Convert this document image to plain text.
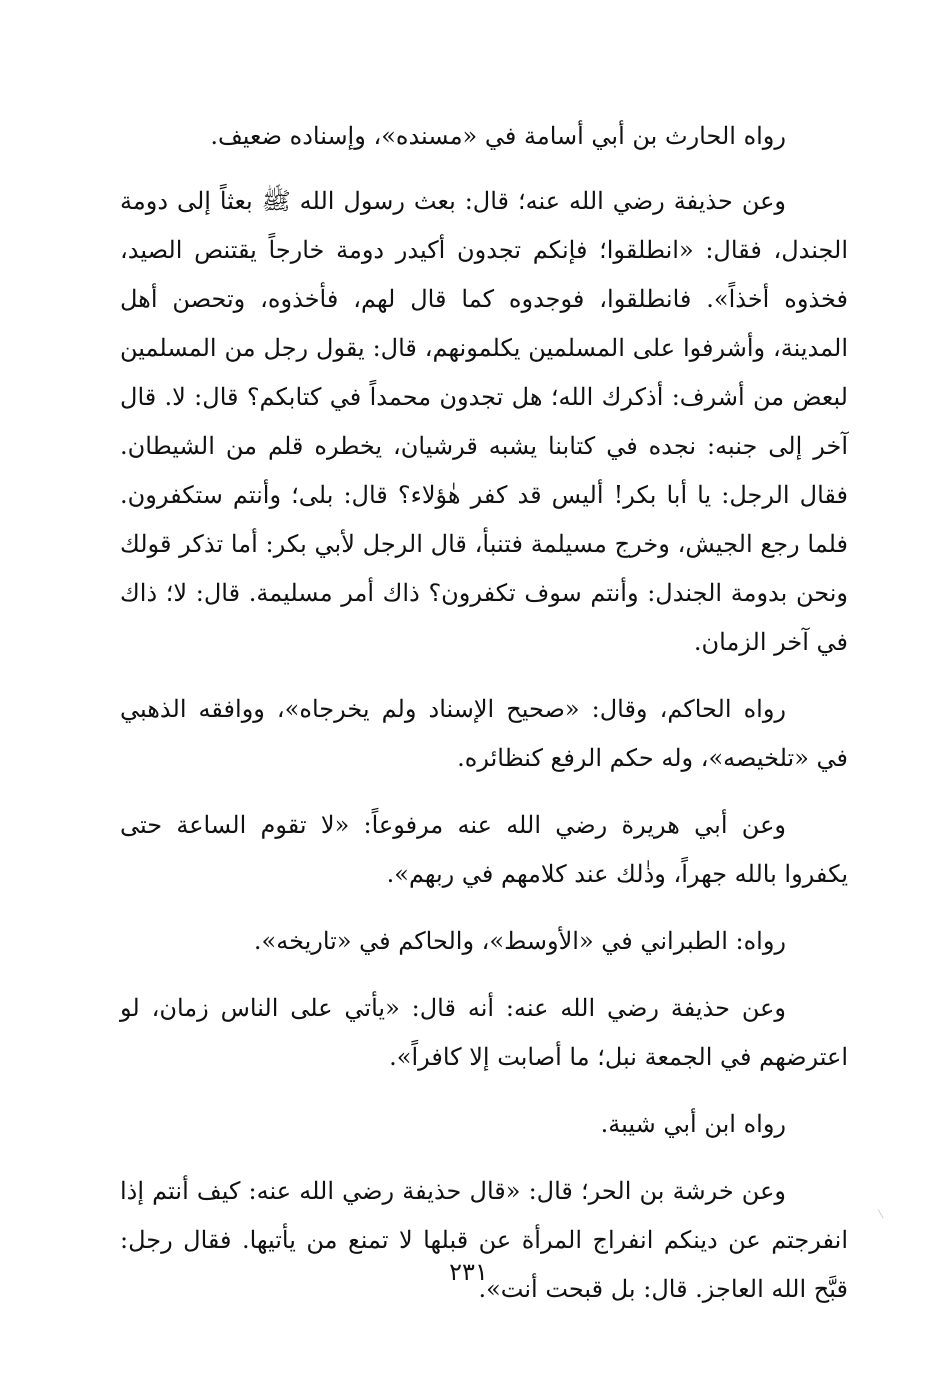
رواه الحارث بن أبي أسامة في «مسنده»، وإسناده ضعيف.

وعن حذيفة رضي الله عنه؛ قال: بعث رسول الله ﷺ بعثاً إلى دومة الجندل، فقال: «انطلقوا؛ فإنكم تجدون أكيدر دومة خارجاً يقتنص الصيد، فخذوه أخذاً». فانطلقوا، فوجدوه كما قال لهم، فأخذوه، وتحصن أهل المدينة، وأشرفوا على المسلمين يكلمونهم، قال: يقول رجل من المسلمين لبعض من أشرف: أذكرك الله؛ هل تجدون محمداً في كتابكم؟ قال: لا. قال آخر إلى جنبه: نجده في كتابنا يشبه قرشيان، يخطره قلم من الشيطان. فقال الرجل: يا أبا بكر! أليس قد كفر هٰؤلاء؟ قال: بلى؛ وأنتم ستكفرون. فلما رجع الجيش، وخرج مسيلمة فتنبأ، قال الرجل لأبي بكر: أما تذكر قولك ونحن بدومة الجندل: وأنتم سوف تكفرون؟ ذاك أمر مسليمة. قال: لا؛ ذاك في آخر الزمان.

رواه الحاكم، وقال: «صحيح الإسناد ولم يخرجاه»، ووافقه الذهبي في «تلخيصه»، وله حكم الرفع كنظائره.

وعن أبي هريرة رضي الله عنه مرفوعاً: «لا تقوم الساعة حتى يكفروا بالله جهراً، وذٰلك عند كلامهم في ربهم».

رواه: الطبراني في «الأوسط»، والحاكم في «تاريخه».

وعن حذيفة رضي الله عنه: أنه قال: «يأتي على الناس زمان، لو اعترضهم في الجمعة نبل؛ ما أصابت إلا كافراً».

رواه ابن أبي شيبة.

وعن خرشة بن الحر؛ قال: «قال حذيفة رضي الله عنه: كيف أنتم إذا انفرجتم عن دينكم انفراج المرأة عن قبلها لا تمنع من يأتيها. فقال رجل: قبَّح الله العاجز. قال: بل قبحت أنت».

٢٣١
